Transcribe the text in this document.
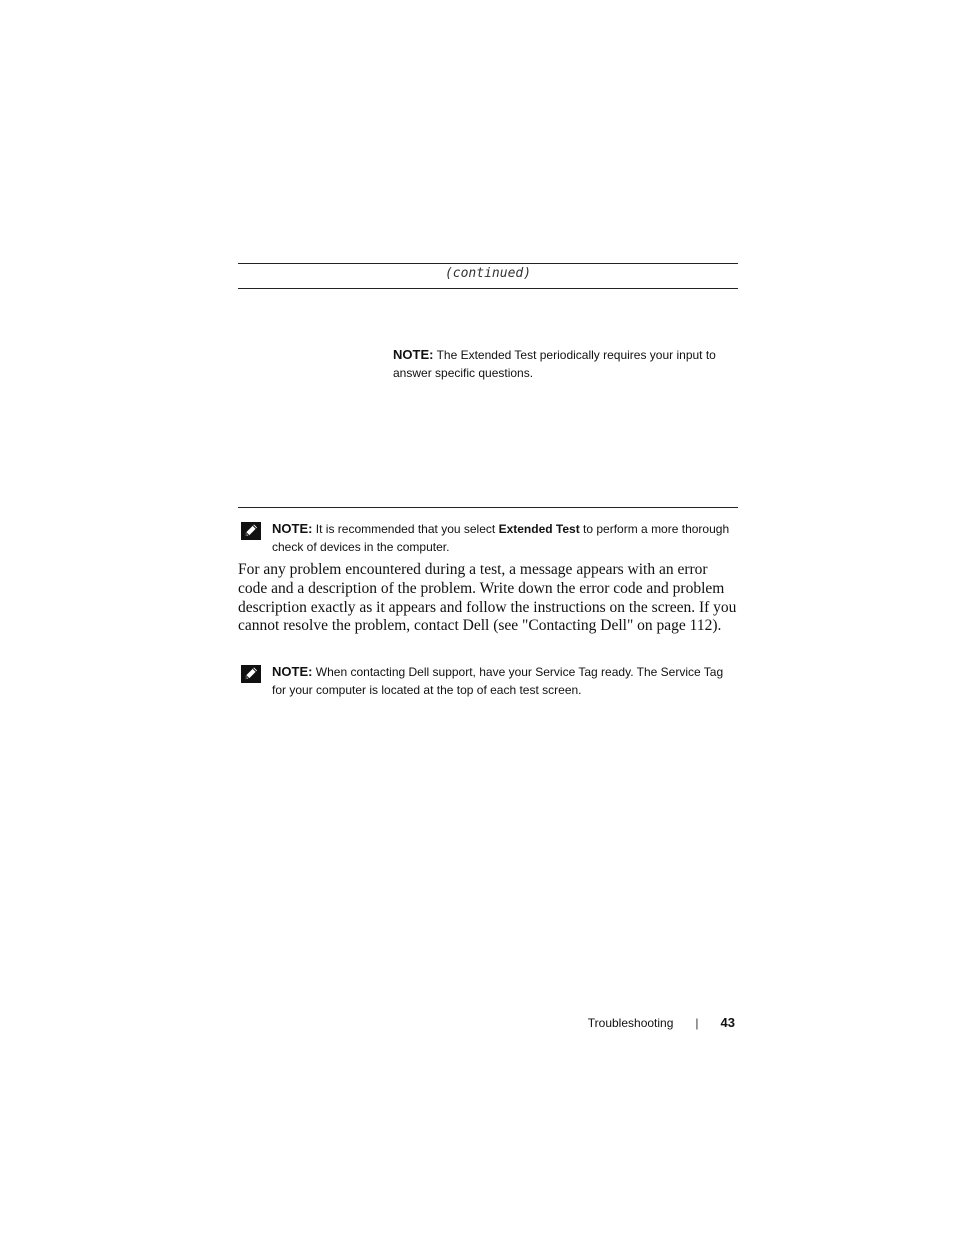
(continued)
NOTE: The Extended Test periodically requires your input to answer specific questions.
NOTE: It is recommended that you select Extended Test to perform a more thorough check of devices in the computer.
For any problem encountered during a test, a message appears with an error code and a description of the problem. Write down the error code and problem description exactly as it appears and follow the instructions on the screen. If you cannot resolve the problem, contact Dell (see "Contacting Dell" on page 112).
NOTE: When contacting Dell support, have your Service Tag ready. The Service Tag for your computer is located at the top of each test screen.
Troubleshooting | 43
